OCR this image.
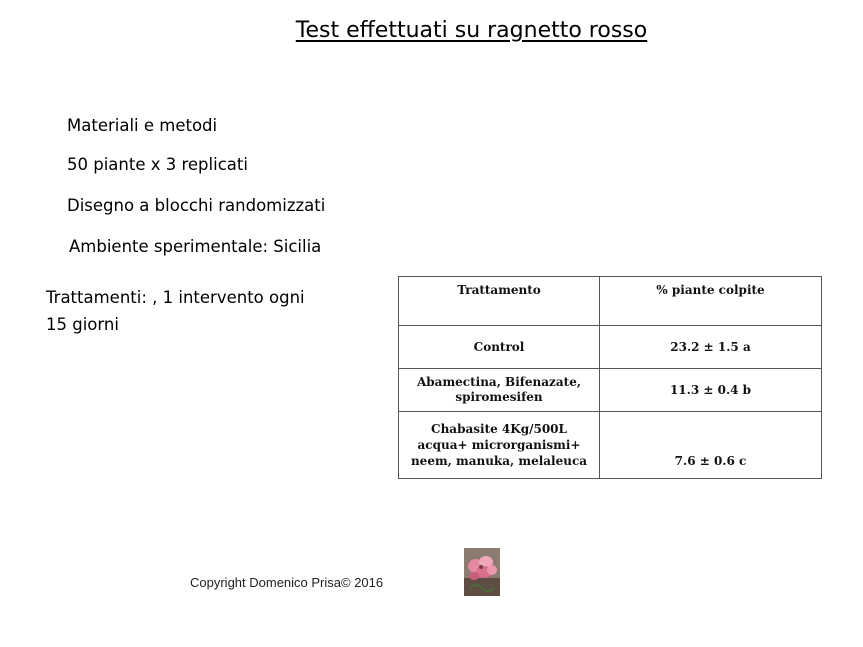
Test effettuati su ragnetto rosso
Materiali e metodi
50 piante x 3 replicati
Disegno a blocchi randomizzati
Ambiente sperimentale: Sicilia
Trattamenti: , 1 intervento ogni 15 giorni
Trattamento	% piante colpite
Control	23.2 ± 1.5 a
Abamectina, Bifenazate, spiromesifen	11.3 ± 0.4 b
Chabasite 4Kg/500L acqua+ microrganismi+ neem, manuka, melaleuca	7.6 ± 0.6 c
Copyright Domenico Prisa© 2016
